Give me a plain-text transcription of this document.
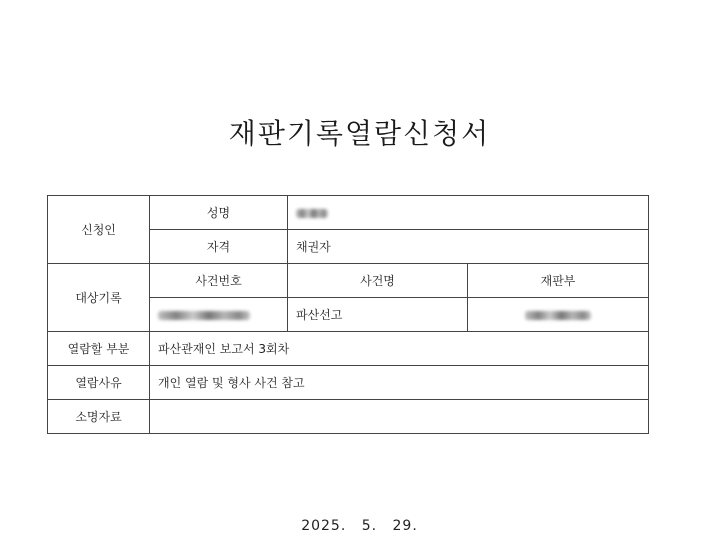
재판기록열람신청서
신청인	성명		
	자격	채권자	
대상기록	사건번호	사건명	재판부
		파산선고	
열람할 부분	파산관재인 보고서 3회차		
열람사유	개인 열람 및 형사 사건 참고		
소명자료			
2025. 5. 29.
